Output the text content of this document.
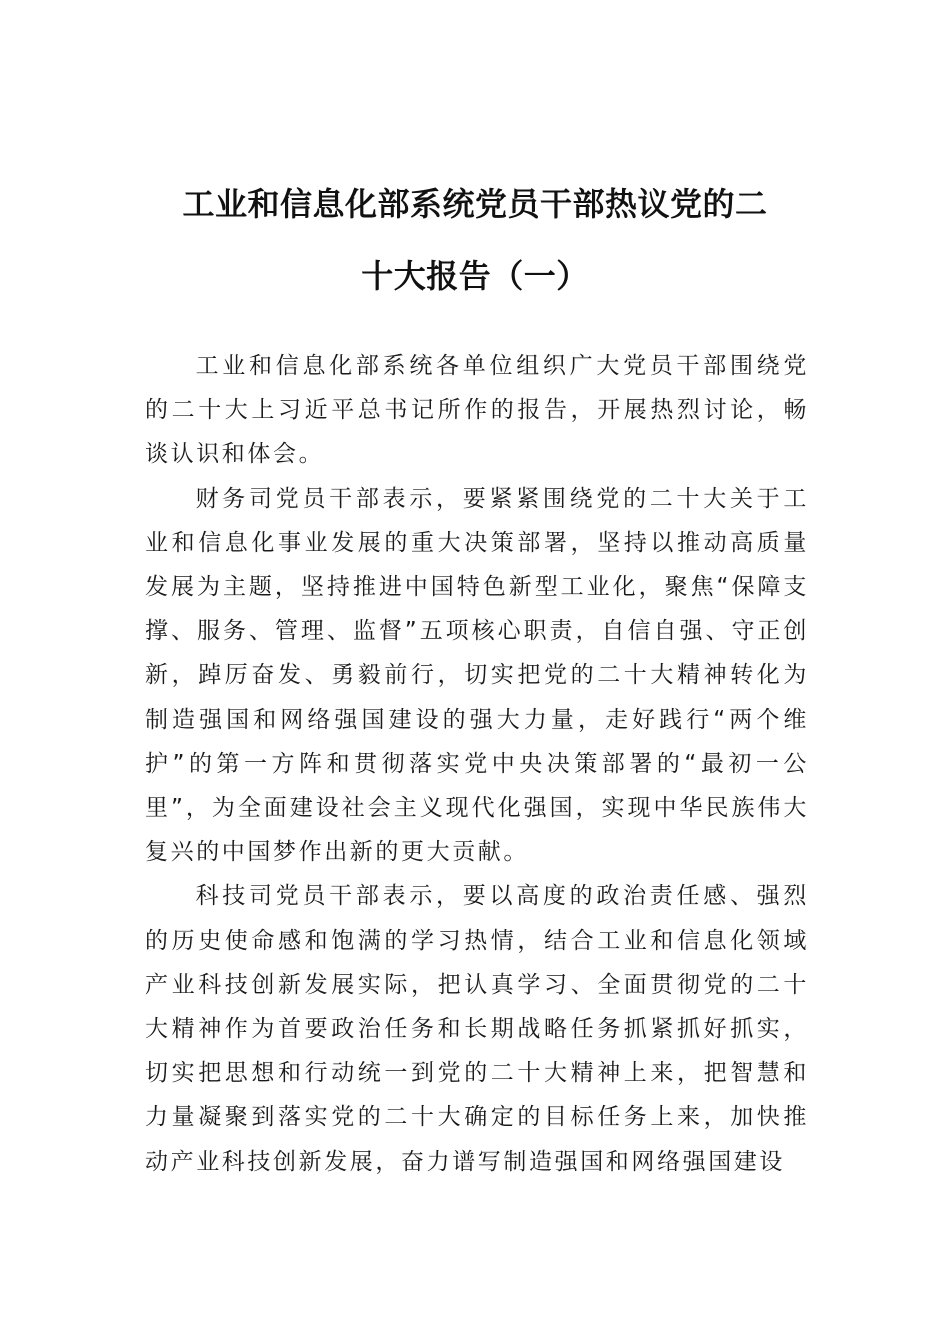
工业和信息化部系统党员干部热议党的二
十大报告（一）

工业和信息化部系统各单位组织广大党员干部围绕党的二十大上习近平总书记所作的报告，开展热烈讨论，畅谈认识和体会。

财务司党员干部表示，要紧紧围绕党的二十大关于工业和信息化事业发展的重大决策部署，坚持以推动高质量发展为主题，坚持推进中国特色新型工业化，聚焦“保障支撑、服务、管理、监督”五项核心职责，自信自强、守正创新，踔厉奋发、勇毅前行，切实把党的二十大精神转化为制造强国和网络强国建设的强大力量，走好践行“两个维护”的第一方阵和贯彻落实党中央决策部署的“最初一公里”，为全面建设社会主义现代化强国，实现中华民族伟大复兴的中国梦作出新的更大贡献。

科技司党员干部表示，要以高度的政治责任感、强烈的历史使命感和饱满的学习热情，结合工业和信息化领域产业科技创新发展实际，把认真学习、全面贯彻党的二十大精神作为首要政治任务和长期战略任务抓紧抓好抓实，切实把思想和行动统一到党的二十大精神上来，把智慧和力量凝聚到落实党的二十大确定的目标任务上来，加快推动产业科技创新发展，奋力谱写制造强国和网络强国建设
